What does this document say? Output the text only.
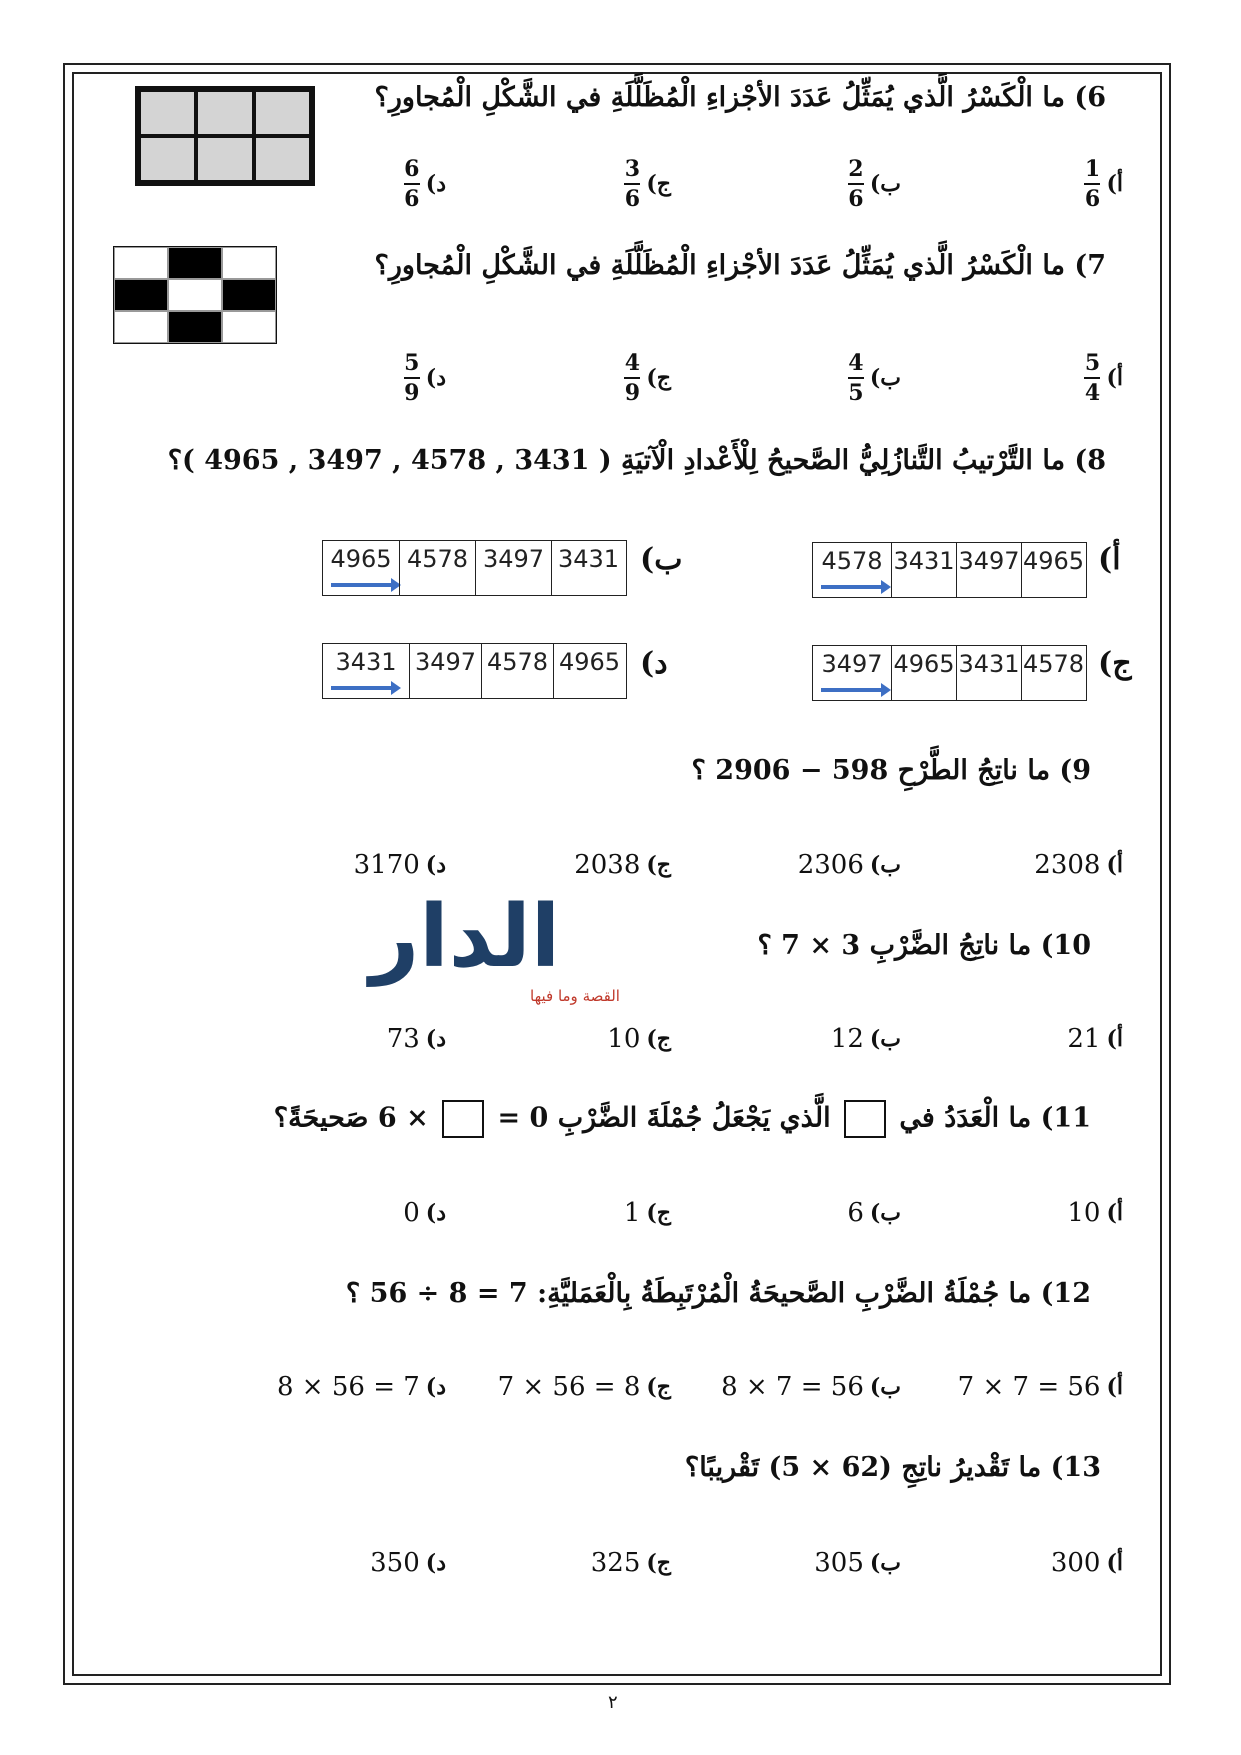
6) ما الْكَسْرُ الَّذي يُمَثِّلُ عَدَدَ الأجْزاءِ الْمُظَلَّلَةِ في الشَّكْلِ الْمُجاورِ؟
أ)
$\frac{1}{6}$
ب)
$\frac{2}{6}$
ج)
$\frac{3}{6}$
د)
$\frac{6}{6}$
7) ما الْكَسْرُ الَّذي يُمَثِّلُ عَدَدَ الأجْزاءِ الْمُظَلَّلَةِ في الشَّكْلِ الْمُجاورِ؟
أ)
$\frac{5}{4}$
ب)
$\frac{4}{5}$
ج)
$\frac{4}{9}$
د)
$\frac{5}{9}$
8) ما التَّرْتيبُ التَّنازُلِيُّ الصَّحيحُ لِلْأَعْدادِ الْآتيَةِ ( 3431 , 4578 , 3497 , 4965 )؟
أ)
4578 3431 3497 4965
ب)
4965 4578 3497 3431
ج)
3497 4965 3431 4578
د)
3431 3497 4578 4965
9) ما ناتِجُ الطَّرْحِ 598 − 2906 ؟
أ)
2308
ب)
2306
ج)
2038
د)
3170
الدار
القصة وما فيها
10) ما ناتِجُ الضَّرْبِ 3 × 7 ؟
أ)
21
ب)
12
ج)
10
د)
73
11) ما الْعَدَدُ في  الَّذي يَجْعَلُ جُمْلَةَ الضَّرْبِ 0 =  × 6 صَحيحَةً؟
أ)
10
ب)
6
ج)
1
د)
0
12) ما جُمْلَةُ الضَّرْبِ الصَّحيحَةُ الْمُرْتَبِطَةُ بِالْعَمَليَّةِ: 7 = 8 ÷ 56 ؟
أ)
7 × 7 = 56
ب)
8 × 7 = 56
ج)
7 × 56 = 8
د)
8 × 56 = 7
13) ما تَقْديرُ ناتِجِ (62 × 5) تَقْريبًا؟
أ)
300
ب)
305
ج)
325
د)
350
٢
